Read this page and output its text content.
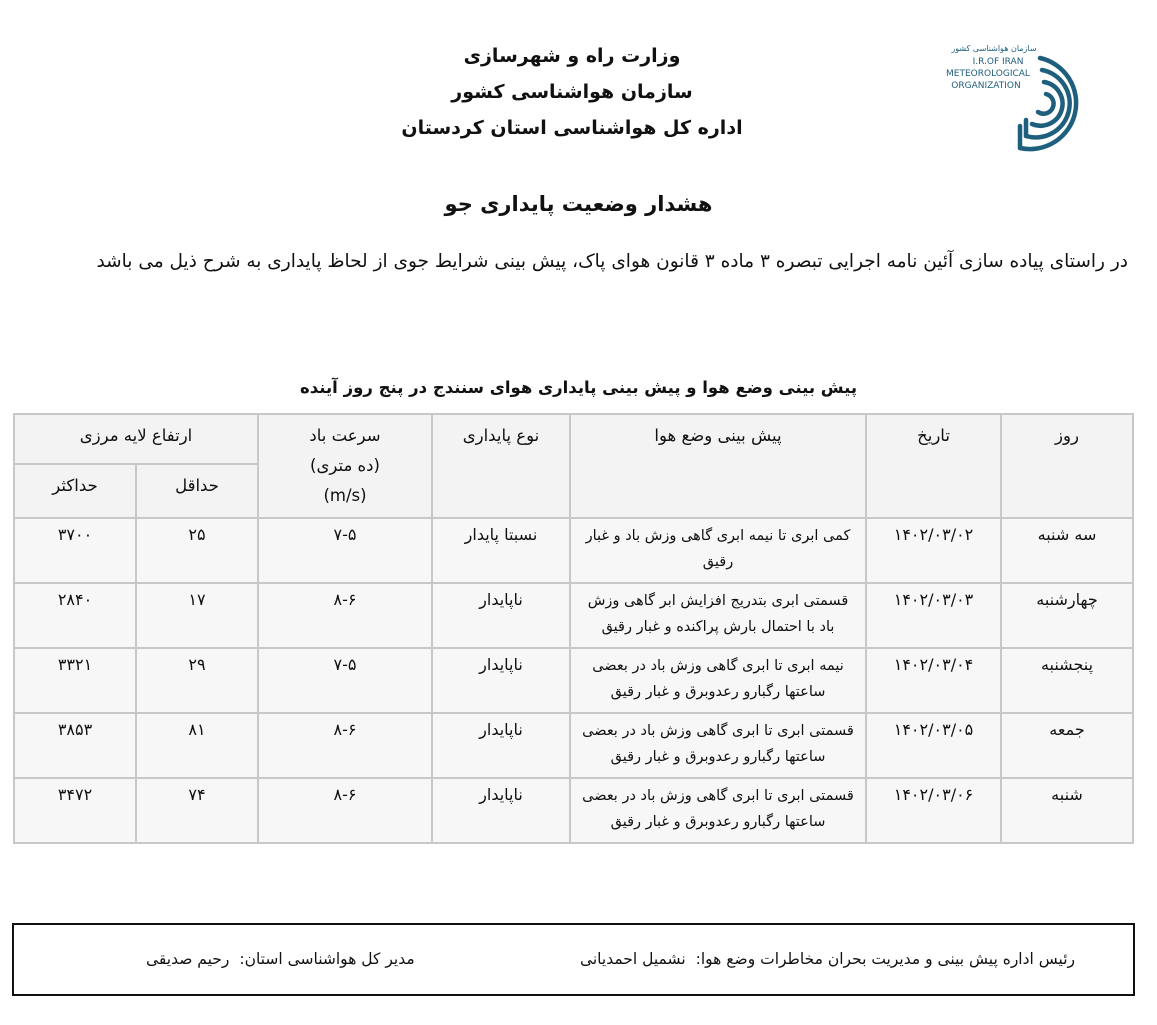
وزارت راه و شهرسازی
سازمان هواشناسی کشور
اداره کل هواشناسی استان کردستان
سازمان هواشناسی کشور
I.R.OF IRAN
METEOROLOGICAL
ORGANIZATION
هشدار وضعیت پایداری جو
در راستای پیاده سازی آئین نامه اجرایی تبصره ۳ ماده ۳ قانون هوای پاک، پیش بینی شرایط جوی از لحاظ پایداری به شرح ذیل می باشد
پیش بینی وضع هوا و پیش بینی پایداری هوای سنندج در پنج روز آینده
روز	تاریخ	پیش بینی وضع هوا	نوع پایداری	سرعت باد
(ده متری)
(m/s)	ارتفاع لایه مرزی	
					حداقل	حداکثر
سه شنبه	۱۴۰۲/۰۳/۰۲	کمی ابری تا نیمه ابری گاهی وزش باد و غبار رقیق	نسبتا پایدار	۷-۵	۲۵	۳۷۰۰
چهارشنبه	۱۴۰۲/۰۳/۰۳	قسمتی ابری بتدریج افزایش ابر گاهی وزش باد با احتمال بارش پراکنده و غبار رقیق	ناپایدار	۸-۶	۱۷	۲۸۴۰
پنجشنبه	۱۴۰۲/۰۳/۰۴	نیمه ابری تا ابری گاهی وزش باد در بعضی ساعتها رگبارو رعدوبرق و غبار رقیق	ناپایدار	۷-۵	۲۹	۳۳۲۱
جمعه	۱۴۰۲/۰۳/۰۵	قسمتی ابری تا ابری گاهی وزش باد در بعضی ساعتها رگبارو رعدوبرق و غبار رقیق	ناپایدار	۸-۶	۸۱	۳۸۵۳
شنبه	۱۴۰۲/۰۳/۰۶	قسمتی ابری تا ابری گاهی وزش باد در بعضی ساعتها رگبارو رعدوبرق و غبار رقیق	ناپایدار	۸-۶	۷۴	۳۴۷۲
رئیس اداره پیش بینی و مدیریت بحران مخاطرات وضع هوا:نشمیل احمدیانی
مدیر کل هواشناسی استان:رحیم صدیقی
